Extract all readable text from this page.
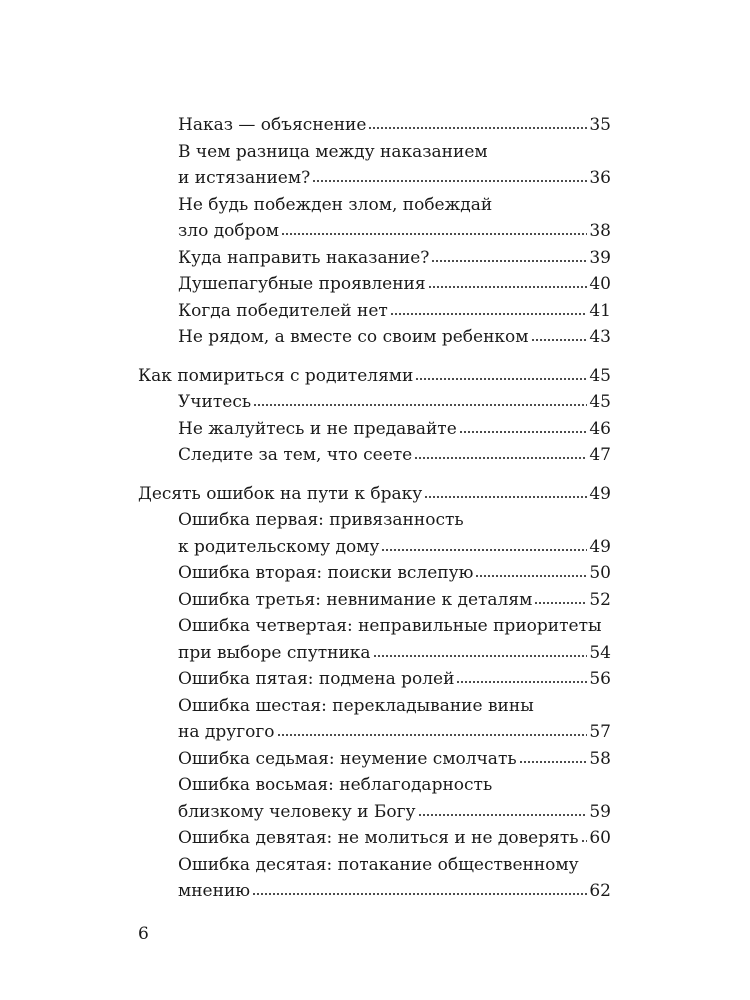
Наказ — объяснение	35
В чем разница между наказанием
и истязанием?	36
Не будь побежден злом, побеждай
зло добром	38
Куда направить наказание?	39
Душепагубные проявления	40
Когда победителей нет	41
Не рядом, а вместе со своим ребенком	43
Как помириться с родителями	45
Учитесь	45
Не жалуйтесь и не предавайте	46
Следите за тем, что сеете	47
Десять ошибок на пути к браку	49
Ошибка первая: привязанность
к родительскому дому	49
Ошибка вторая: поиски вслепую	50
Ошибка третья: невнимание к деталям	52
Ошибка четвертая: неправильные приоритеты
при выборе спутника	54
Ошибка пятая: подмена ролей	56
Ошибка шестая: перекладывание вины
на другого	57
Ошибка седьмая: неумение смолчать	58
Ошибка восьмая: неблагодарность
близкому человеку и Богу	59
Ошибка девятая: не молиться и не доверять 60
Ошибка десятая: потакание общественному
мнению	62
6
